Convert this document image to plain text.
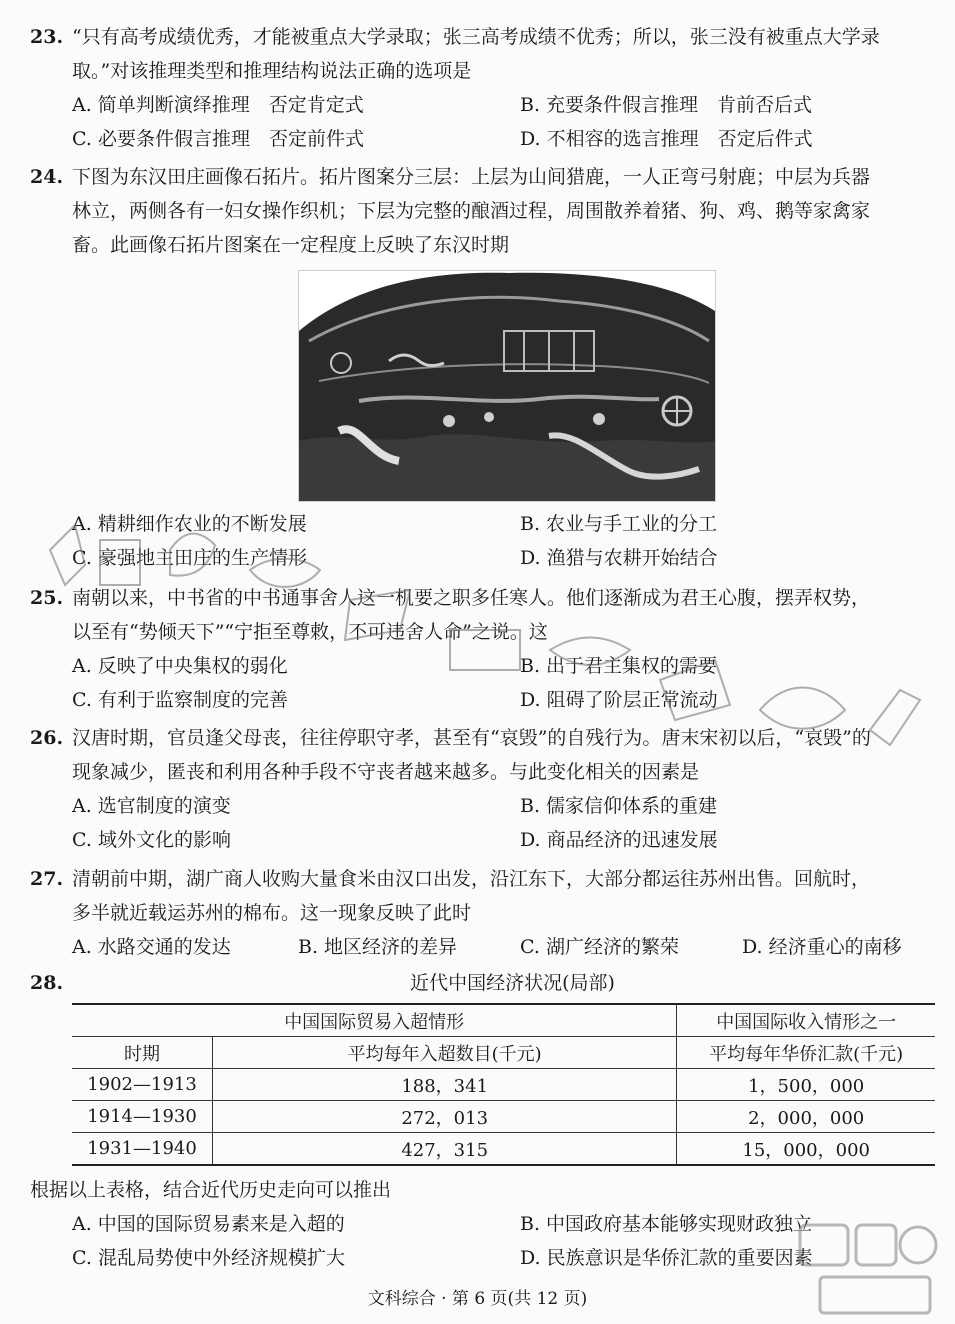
23. “只有高考成绩优秀，才能被重点大学录取；张三高考成绩不优秀；所以，张三没有被重点大学录
取。”对该推理类型和推理结构说法正确的选项是
A. 简单判断演绎推理　否定肯定式	B. 充要条件假言推理　肯前否后式
C. 必要条件假言推理　否定前件式	D. 不相容的选言推理　否定后件式
24. 下图为东汉田庄画像石拓片。拓片图案分三层：上层为山间猎鹿，一人正弯弓射鹿；中层为兵器
林立，两侧各有一妇女操作织机；下层为完整的酿酒过程，周围散养着猪、狗、鸡、鹅等家禽家
畜。此画像石拓片图案在一定程度上反映了东汉时期
A. 精耕细作农业的不断发展	B. 农业与手工业的分工
C. 豪强地主田庄的生产情形	D. 渔猎与农耕开始结合
25. 南朝以来，中书省的中书通事舍人这一机要之职多任寒人。他们逐渐成为君王心腹，摆弄权势，
以至有“势倾天下”“宁拒至尊敕，不可违舍人命”之说。这
A. 反映了中央集权的弱化	B. 出于君主集权的需要
C. 有利于监察制度的完善	D. 阻碍了阶层正常流动
26. 汉唐时期，官员逢父母丧，往往停职守孝，甚至有“哀毁”的自残行为。唐末宋初以后，“哀毁”的
现象减少，匿丧和利用各种手段不守丧者越来越多。与此变化相关的因素是
A. 选官制度的演变	B. 儒家信仰体系的重建
C. 域外文化的影响	D. 商品经济的迅速发展
27. 清朝前中期，湖广商人收购大量食米由汉口出发，沿江东下，大部分都运往苏州出售。回航时，
多半就近载运苏州的棉布。这一现象反映了此时
A. 水路交通的发达	B. 地区经济的差异	C. 湖广经济的繁荣	D. 经济重心的南移
28.	近代中国经济状况(局部)
中国国际贸易入超情形		中国国际收入情形之一
时期	平均每年入超数目(千元)	平均每年华侨汇款(千元)
1902—1913	188，341	1，500，000
1914—1930	272，013	2，000，000
1931—1940	427，315	15，000，000
根据以上表格，结合近代历史走向可以推出
A. 中国的国际贸易素来是入超的	B. 中国政府基本能够实现财政独立
C. 混乱局势使中外经济规模扩大	D. 民族意识是华侨汇款的重要因素
文科综合 · 第 6 页(共 12 页)
